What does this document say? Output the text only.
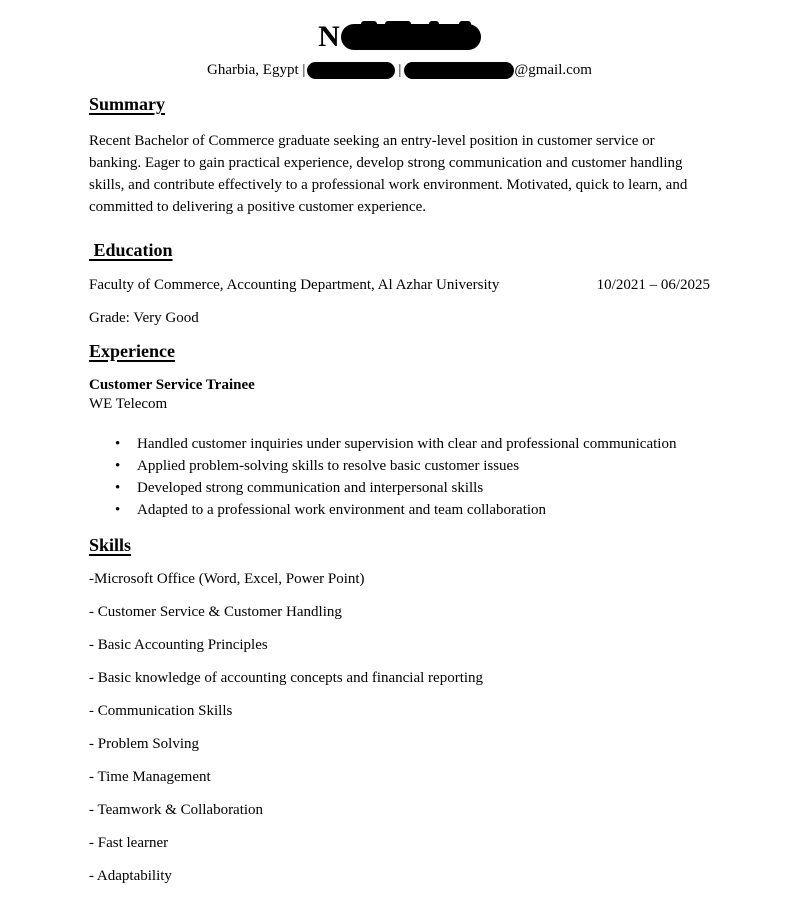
N
Gharbia, Egypt |	|	@gmail.com
Summary

Recent Bachelor of Commerce graduate seeking an entry-level position in customer service or banking. Eager to gain practical experience, develop strong communication and customer handling skills, and contribute effectively to a professional work environment. Motivated, quick to learn, and committed to delivering a positive customer experience.

Education
Faculty of Commerce, Accounting Department, Al Azhar University	10/2021 – 06/2025

Grade: Very Good

Experience

Customer Service Trainee

WE Telecom

• Handled customer inquiries under supervision with clear and professional communication
• Applied problem-solving skills to resolve basic customer issues
• Developed strong communication and interpersonal skills
• Adapted to a professional work environment and team collaboration
Skills

-Microsoft Office (Word, Excel, Power Point)

- Customer Service & Customer Handling

- Basic Accounting Principles

- Basic knowledge of accounting concepts and financial reporting

- Communication Skills

- Problem Solving

- Time Management

- Teamwork & Collaboration

- Fast learner

- Adaptability
